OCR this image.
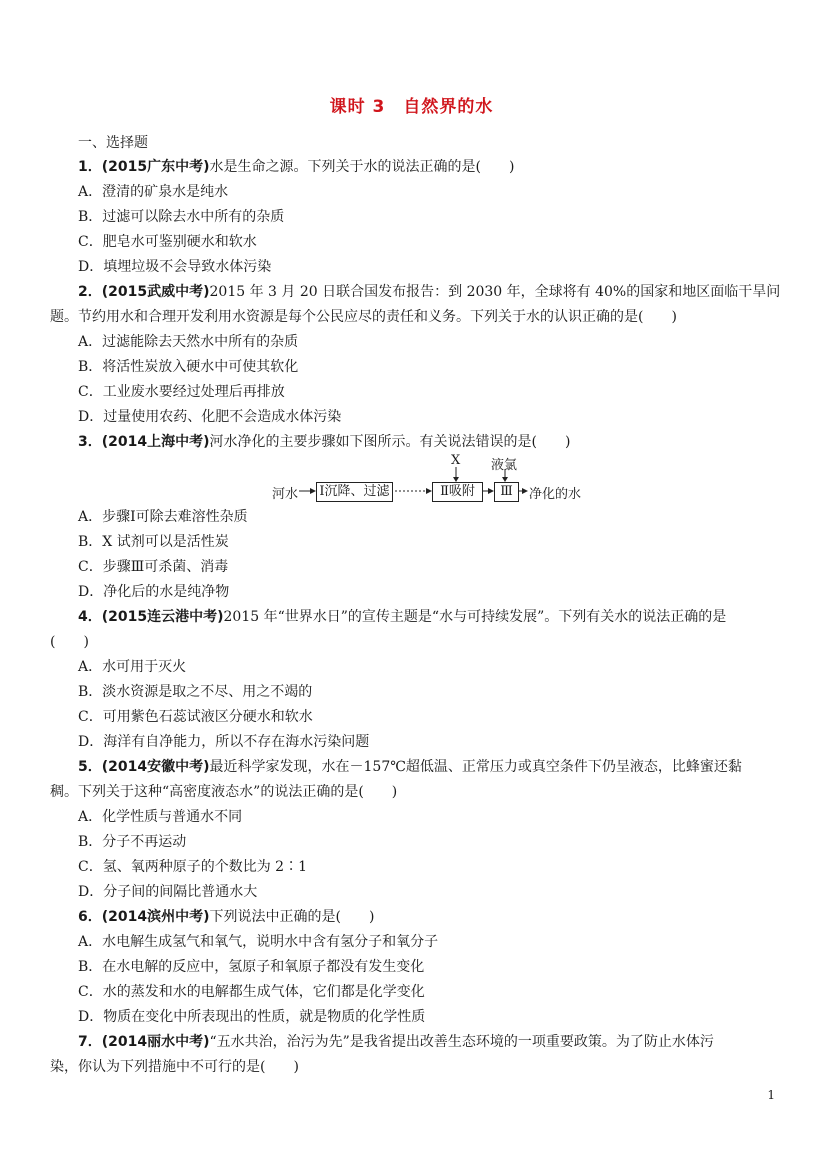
课时 3　自然界的水
一、选择题
1．(2015广东中考)水是生命之源。下列关于水的说法正确的是(　　)
A．澄清的矿泉水是纯水
B．过滤可以除去水中所有的杂质
C．肥皂水可鉴别硬水和软水
D．填埋垃圾不会导致水体污染
2．(2015武威中考)2015 年 3 月 20 日联合国发布报告：到 2030 年，全球将有 40%的国家和地区面临干旱问
题。节约用水和合理开发利用水资源是每个公民应尽的责任和义务。下列关于水的认识正确的是(　　)
A．过滤能除去天然水中所有的杂质
B．将活性炭放入硬水中可使其软化
C．工业废水要经过处理后再排放
D．过量使用农药、化肥不会造成水体污染
3．(2014上海中考)河水净化的主要步骤如下图所示。有关说法错误的是(　　)
河水 Ⅰ沉降、过滤	Ⅱ吸附	Ⅲ	净化的水
X 液氯
A．步骤Ⅰ可除去难溶性杂质
B．X 试剂可以是活性炭
C．步骤Ⅲ可杀菌、消毒
D．净化后的水是纯净物
4．(2015连云港中考)2015 年“世界水日”的宣传主题是“水与可持续发展”。下列有关水的说法正确的是
(　　)
A．水可用于灭火
B．淡水资源是取之不尽、用之不竭的
C．可用紫色石蕊试液区分硬水和软水
D．海洋有自净能力，所以不存在海水污染问题
5．(2014安徽中考)最近科学家发现，水在－157℃超低温、正常压力或真空条件下仍呈液态，比蜂蜜还黏
稠。下列关于这种“高密度液态水”的说法正确的是(　　)
A．化学性质与普通水不同
B．分子不再运动
C．氢、氧两种原子的个数比为 2∶1
D．分子间的间隔比普通水大
6．(2014滨州中考)下列说法中正确的是(　　)
A．水电解生成氢气和氧气，说明水中含有氢分子和氧分子
B．在水电解的反应中，氢原子和氧原子都没有发生变化
C．水的蒸发和水的电解都生成气体，它们都是化学变化
D．物质在变化中所表现出的性质，就是物质的化学性质
7．(2014丽水中考)“五水共治，治污为先”是我省提出改善生态环境的一项重要政策。为了防止水体污
染，你认为下列措施中不可行的是(　　)
1
